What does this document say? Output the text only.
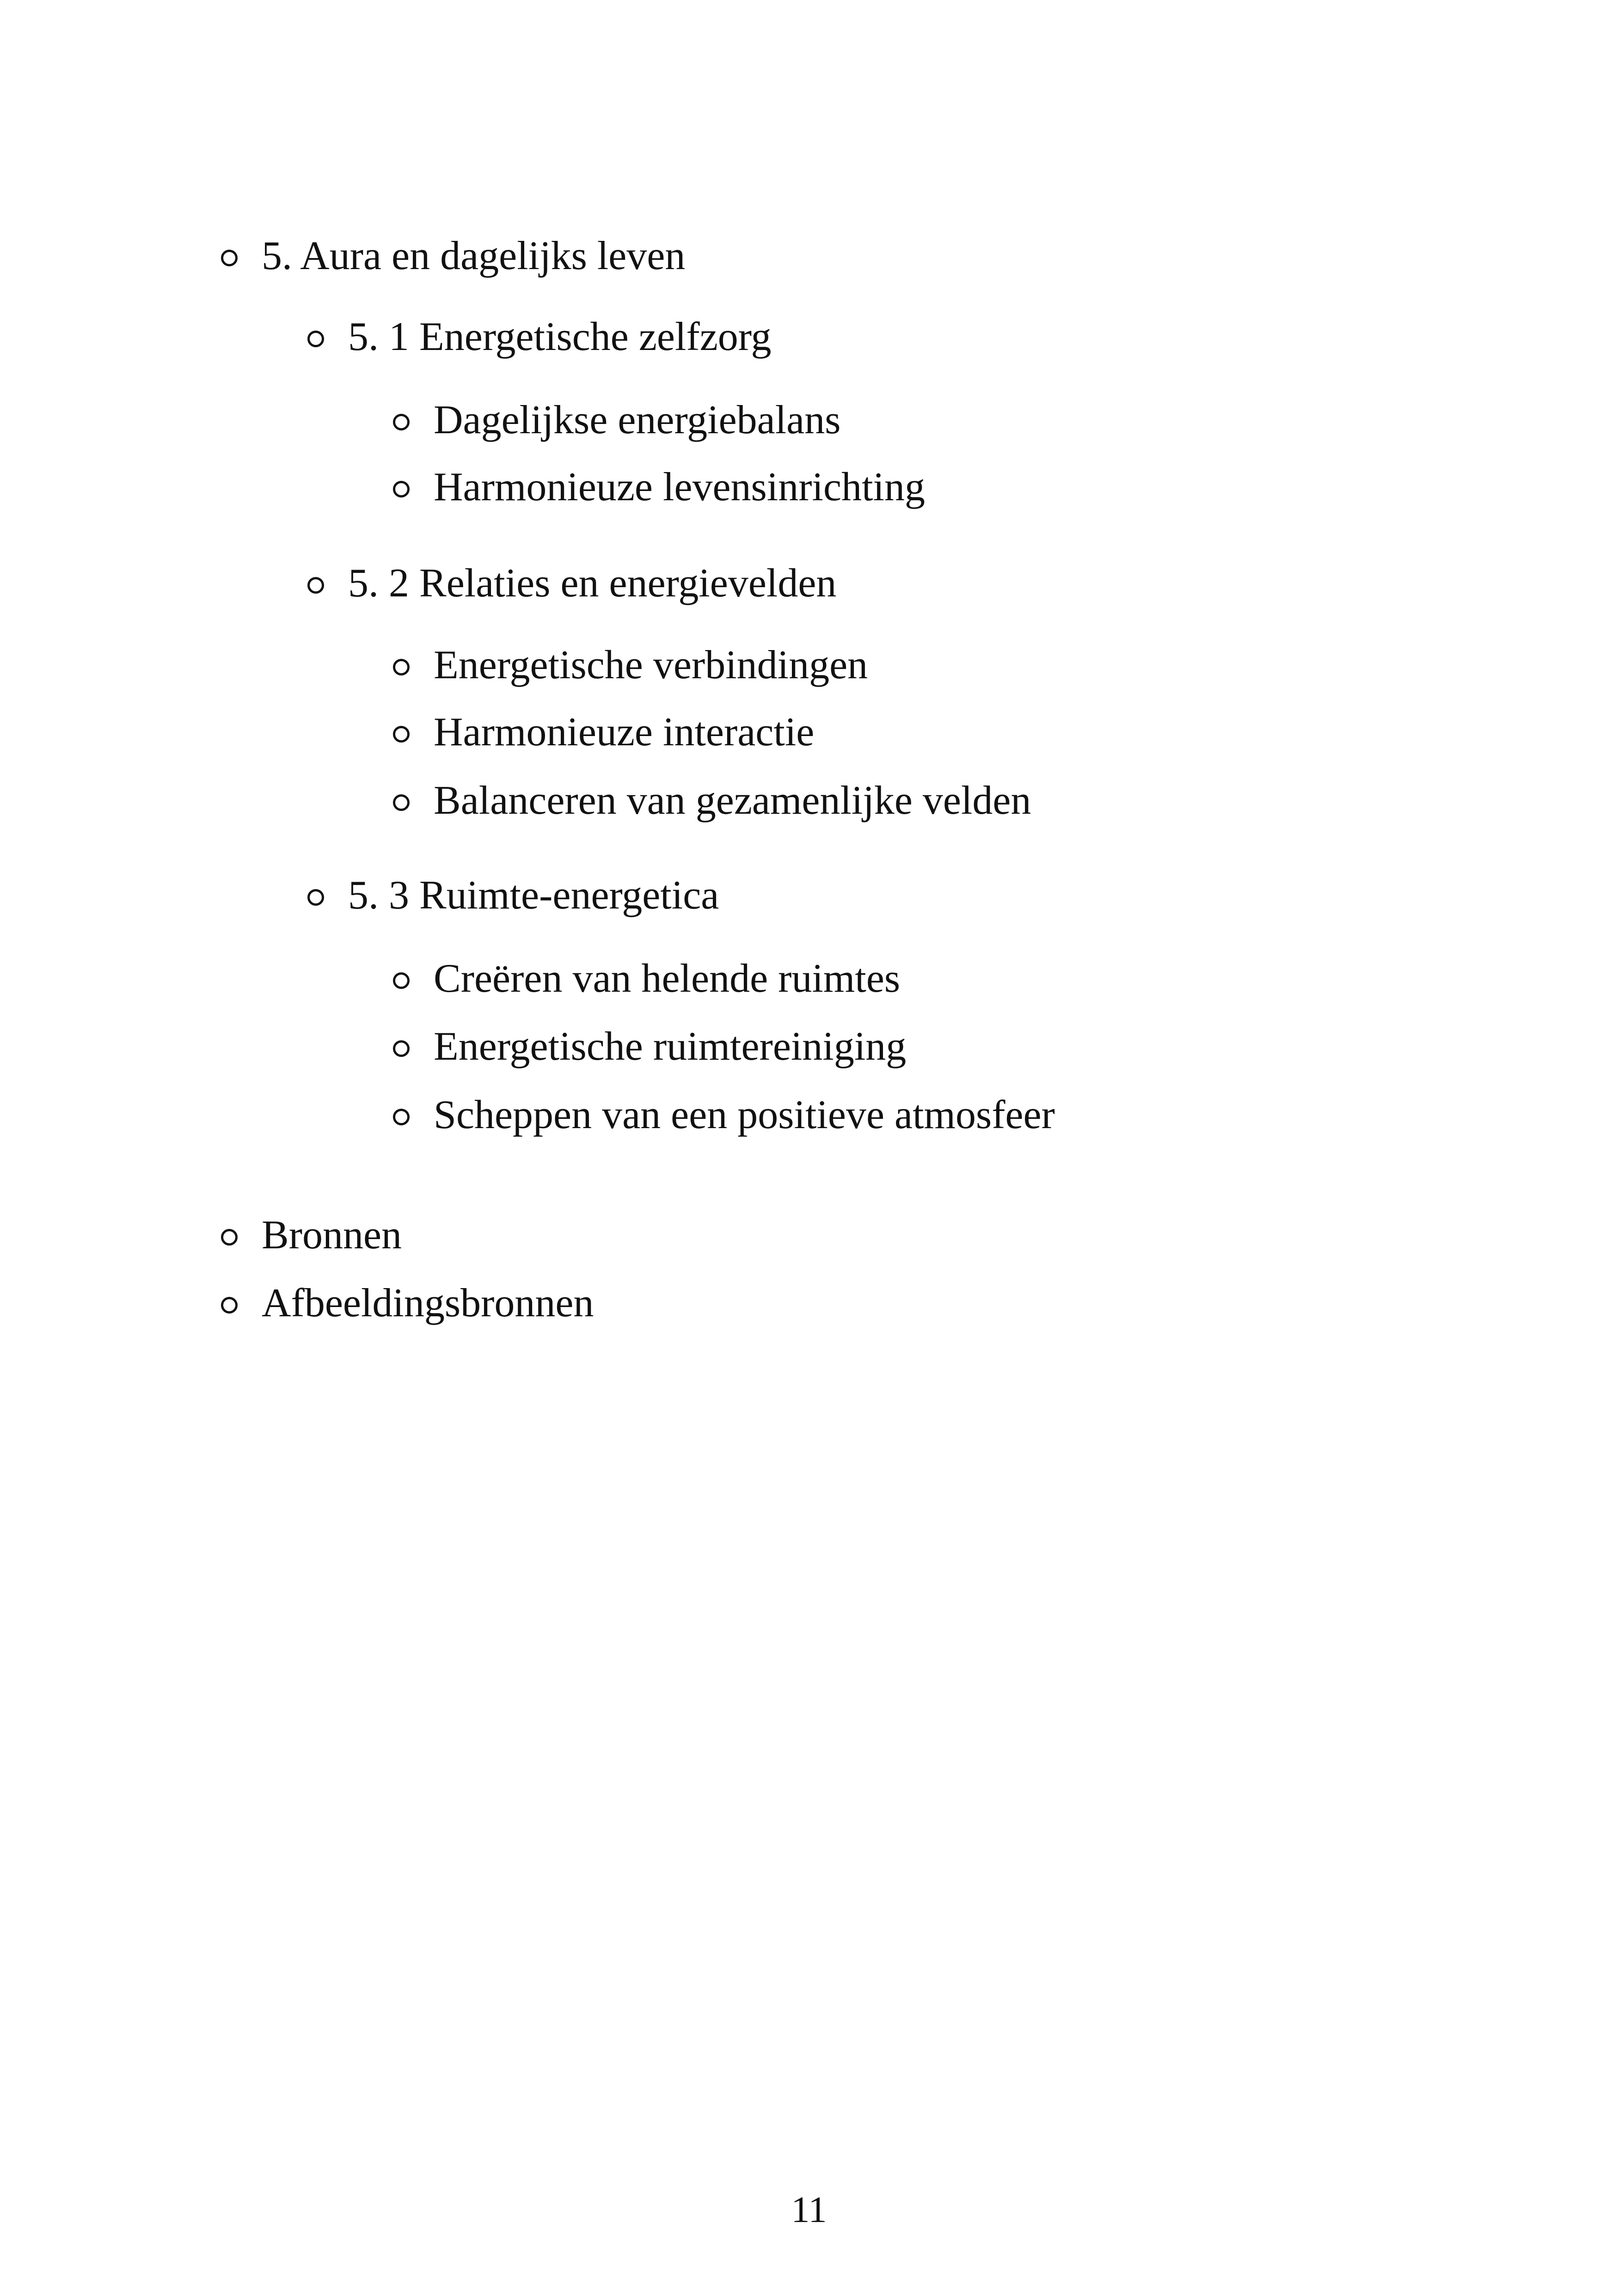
5. Aura en dagelijks leven
5. 1 Energetische zelfzorg
Dagelijkse energiebalans
Harmonieuze levensinrichting
5. 2 Relaties en energievelden
Energetische verbindingen
Harmonieuze interactie
Balanceren van gezamenlijke velden
5. 3 Ruimte-energetica
Creëren van helende ruimtes
Energetische ruimtereiniging
Scheppen van een positieve atmosfeer
Bronnen
Afbeeldingsbronnen
11
